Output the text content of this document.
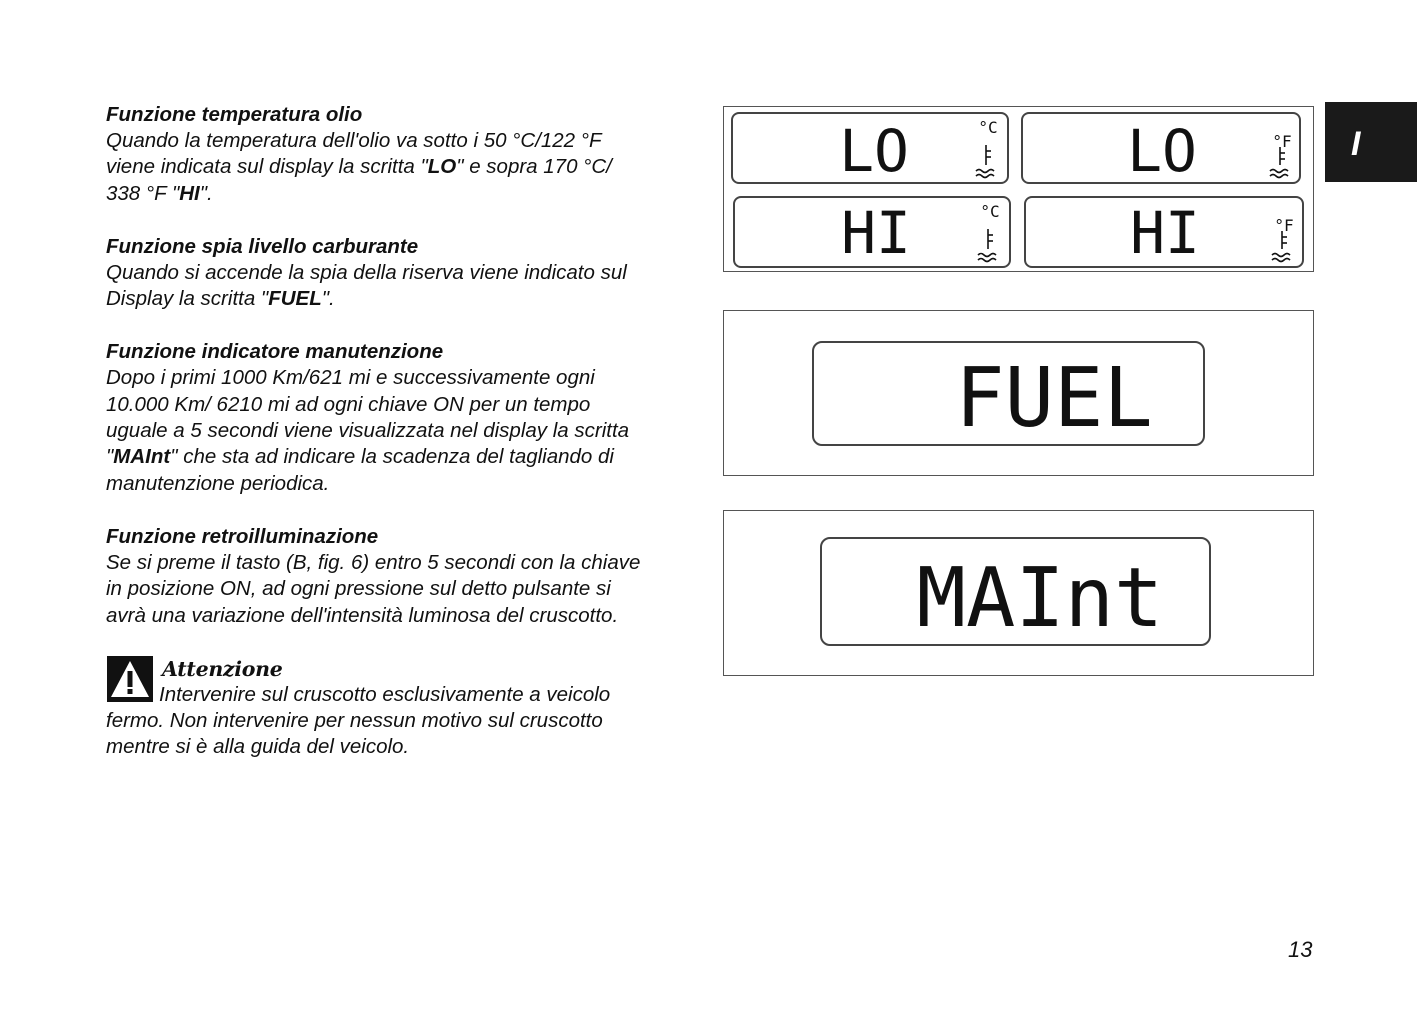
Funzione temperatura olio
Quando la temperatura dell'olio va sotto i 50 °C/122 °F
viene indicata sul display la scritta "LO" e sopra 170 °C/
338 °F "HI".
Funzione spia livello carburante
Quando si accende la spia della riserva viene indicato sul
Display la scritta "FUEL".
Funzione indicatore manutenzione
Dopo i primi 1000 Km/621 mi e successivamente ogni
10.000 Km/ 6210 mi ad ogni chiave ON per un tempo
uguale a 5 secondi viene visualizzata nel display la scritta
"MAInt" che sta ad indicare la scadenza del tagliando di
manutenzione periodica.
Funzione retroilluminazione
Se si preme il tasto (B, fig. 6) entro 5 secondi con la chiave
in posizione ON, ad ogni pressione sul detto pulsante si
avrà una variazione dell'intensità luminosa del cruscotto.
Attenzione
Intervenire sul cruscotto esclusivamente a veicolo
fermo. Non intervenire per nessun motivo sul cruscotto
mentre si è alla guida del veicolo.
I
LO	°C LO	°F
HI	°C HI	°F
FUEL
MAInt
13
